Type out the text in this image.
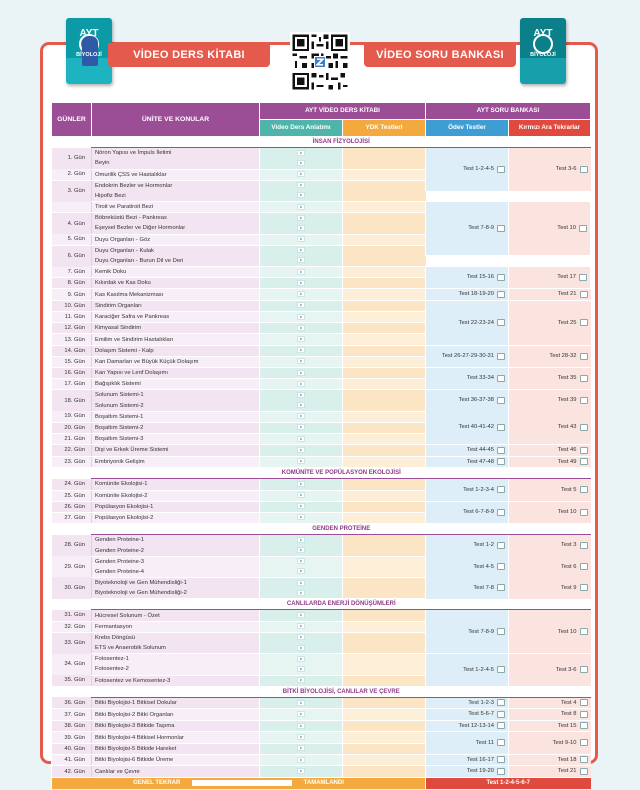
AYT
BİYOLOJİ
AYT
BİYOLOJİ
VİDEO DERS KİTABI	VİDEO SORU BANKASI
GÜNLER	ÜNİTE VE KONULAR	AYT VİDEO DERS KİTABI		AYT SORU BANKASI		
		Video Ders Anlatımı	YDK Testleri	Ödev Testler	Kırmızı Ara Tekrarlar	
	İNSAN FİZYOLOJİSİ					
1. Gün	Nöron Yapısı ve İmpuls İletimi			Test 1-2-4-5	Test 3-6	
	Beyin		
2. Gün	Omurilik ÇSS ve Hastalıklar		
3. Gün	Endokrin Bezler ve Hormonlar		
	Hipofiz Bezi		
	Tiroit ve Paratiroit Bezi			Test 7-8-9	Test 10	
4. Gün	Böbreküstü Bezi - Pankreas		
	Eşeysel Bezler ve Diğer Hormonlar		
5. Gün	Duyu Organları - Göz		
6. Gün	Duyu Organları - Kulak				
	Duyu Organları - Burun Dil ve Deri		
7. Gün	Kemik Doku			Test 15-16	Test 17	
8. Gün	Kıkırdak ve Kas Doku		
9. Gün	Kas Kasılma Mekanizması			Test 18-19-20	Test 21	
10. Gün	Sindirim Organları			Test 22-23-24	Test 25	
11. Gün	Karaciğer Safra ve Pankreas		
12. Gün	Kimyasal Sindirim		
13. Gün	Emilim ve Sindirim Hastalıkları		
14. Gün	Dolaşım Sistemi - Kalp			Test 26-27-29-30-31	Test 28-32	
15. Gün	Kan Damarları ve Büyük Küçük Dolaşım		
16. Gün	Kan Yapısı ve Lenf Dolaşımı			Test 33-34	Test 35	
17. Gün	Bağışıklık Sistemi		
18. Gün	Solunum Sistemi-1			Test 36-37-38	Test 39	
	Solunum Sistemi-2		
19. Gün	Boşaltım Sistemi-1			Test 40-41-42	Test 43	
20. Gün	Boşaltım Sistemi-2		
21. Gün	Boşaltım Sistemi-3		
22. Gün	Dişi ve Erkek Üreme Sistemi			Test 44-45	Test 46	
23. Gün	Embriyonik Gelişim			Test 47-48	Test 49	
	KOMÜNİTE VE POPÜLASYON EKOLOJİSİ					
24. Gün	Komünite Ekolojisi-1			Test 1-2-3-4	Test 5	
25. Gün	Komünite Ekolojisi-2		
26. Gün	Popülasyon Ekolojisi-1			Test 6-7-8-9	Test 10	
27. Gün	Popülasyon Ekolojisi-2		
	GENDEN PROTEİNE					
28. Gün	Genden Proteine-1			Test 1-2	Test 3	
	Genden Proteine-2		
29. Gün	Genden Proteine-3			Test 4-5	Test 6	
	Genden Proteine-4		
30. Gün	Biyoteknoloji ve Gen Mühendisliği-1			Test 7-8	Test 9	
	Biyoteknoloji ve Gen Mühendisliği-2		
	CANLILARDA ENERJİ DÖNÜŞÜMLERİ					
31. Gün	Hücresel Solunum - Özet			Test 7-8-9	Test 10	
32. Gün	Fermantasyon		
33. Gün	Krebs Döngüsü		
	ETS ve Anaerobik Solunum		
34. Gün	Fotosentez-1			Test 1-2-4-5	Test 3-6	
	Fotosentez-2		
35. Gün	Fotosentez ve Kemosentez-3		
	BİTKİ BİYOLOJİSİ, CANLILAR VE ÇEVRE					
36. Gün	Bitki Biyolojisi-1 Bitkisel Dokular			Test 1-2-3	Test 4	
37. Gün	Bitki Biyolojisi-2 Bitki Organları			Test 5-6-7	Test 8	
38. Gün	Bitki Biyolojisi-3 Bitkide Taşıma			Test 12-13-14	Test 15	
39. Gün	Bitki Biyolojisi-4 Bitkisel Hormonlar			Test 11	Test 9-10	
40. Gün	Bitki Biyolojisi-5 Bitkide Hareket		
41. Gün	Bitki Biyolojisi-6 Bitkide Üreme			Test 16-17	Test 18	
42. Gün	Canlılar ve Çevre			Test 19-20	Test 21	
GENEL TEKRAR TAMAMLANDI				Test 1-2-4-5-6-7		
